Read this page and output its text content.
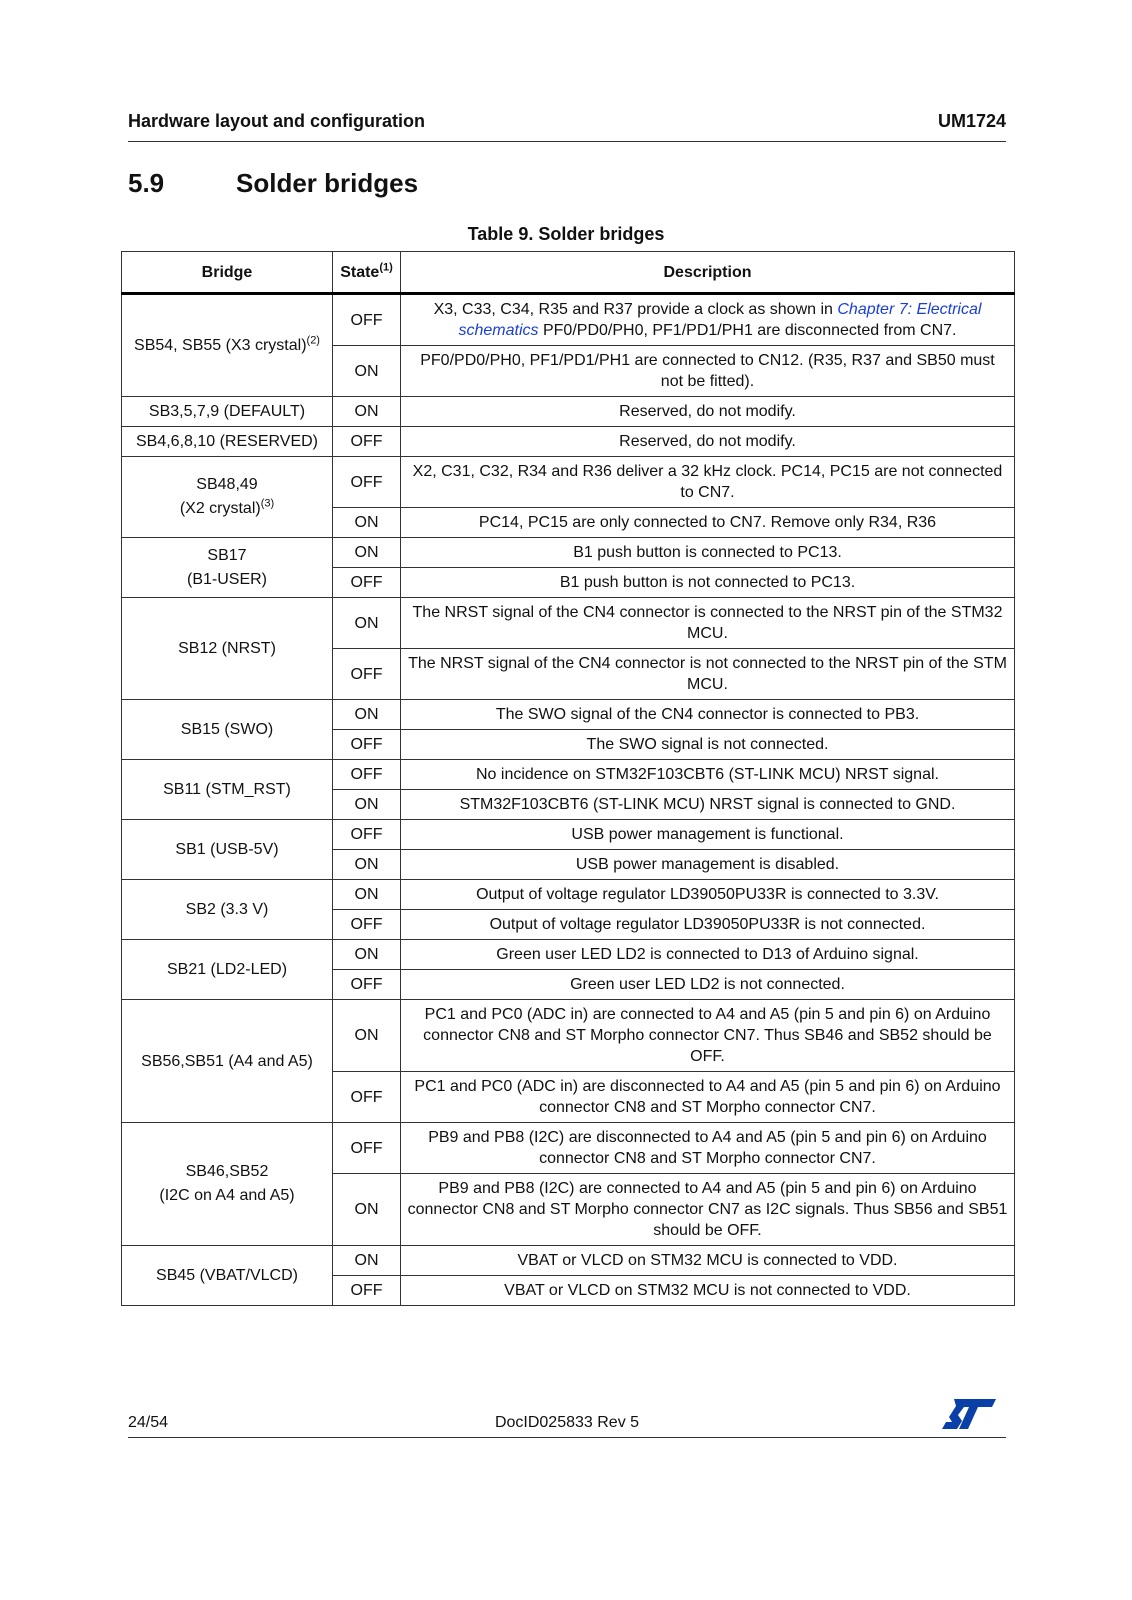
Hardware layout and configuration	UM1724
5.9	Solder bridges
Table 9. Solder bridges
Bridge	State$^{(1)}$	Description
SB54, SB55 (X3 crystal)$^{(2)}$	OFF	X3, C33, C34, R35 and R37 provide a clock as shown in Chapter 7: Electrical schematics PF0/PD0/PH0, PF1/PD1/PH1 are disconnected from CN7.
	ON	PF0/PD0/PH0, PF1/PD1/PH1 are connected to CN12. (R35, R37 and SB50 must not be fitted).
SB3,5,7,9 (DEFAULT)	ON	Reserved, do not modify.
SB4,6,8,10 (RESERVED)	OFF	Reserved, do not modify.
SB48,49
(X2 crystal)$^{(3)}$	OFF	X2, C31, C32, R34 and R36 deliver a 32 kHz clock. PC14, PC15 are not connected to CN7.
	ON	PC14, PC15 are only connected to CN7. Remove only R34, R36
SB17
(B1-USER)	ON	B1 push button is connected to PC13.
	OFF	B1 push button is not connected to PC13.
SB12 (NRST)	ON	The NRST signal of the CN4 connector is connected to the NRST pin of the STM32 MCU.
	OFF	The NRST signal of the CN4 connector is not connected to the NRST pin of the STM MCU.
SB15 (SWO)	ON	The SWO signal of the CN4 connector is connected to PB3.
	OFF	The SWO signal is not connected.
SB11 (STM_RST)	OFF	No incidence on STM32F103CBT6 (ST-LINK MCU) NRST signal.
	ON	STM32F103CBT6 (ST-LINK MCU) NRST signal is connected to GND.
SB1 (USB-5V)	OFF	USB power management is functional.
	ON	USB power management is disabled.
SB2 (3.3 V)	ON	Output of voltage regulator LD39050PU33R is connected to 3.3V.
	OFF	Output of voltage regulator LD39050PU33R is not connected.
SB21 (LD2-LED)	ON	Green user LED LD2 is connected to D13 of Arduino signal.
	OFF	Green user LED LD2 is not connected.
SB56,SB51 (A4 and A5)	ON	PC1 and PC0 (ADC in) are connected to A4 and A5 (pin 5 and pin 6) on Arduino connector CN8 and ST Morpho connector CN7. Thus SB46 and SB52 should be OFF.
	OFF	PC1 and PC0 (ADC in) are disconnected to A4 and A5 (pin 5 and pin 6) on Arduino connector CN8 and ST Morpho connector CN7.
SB46,SB52
(I2C on A4 and A5)	OFF	PB9 and PB8 (I2C) are disconnected to A4 and A5 (pin 5 and pin 6) on Arduino connector CN8 and ST Morpho connector CN7.
	ON	PB9 and PB8 (I2C) are connected to A4 and A5 (pin 5 and pin 6) on Arduino connector CN8 and ST Morpho connector CN7 as I2C signals. Thus SB56 and SB51 should be OFF.
SB45 (VBAT/VLCD)	ON	VBAT or VLCD on STM32 MCU is connected to VDD.
	OFF	VBAT or VLCD on STM32 MCU is not connected to VDD.
24/54	DocID025833 Rev 5
